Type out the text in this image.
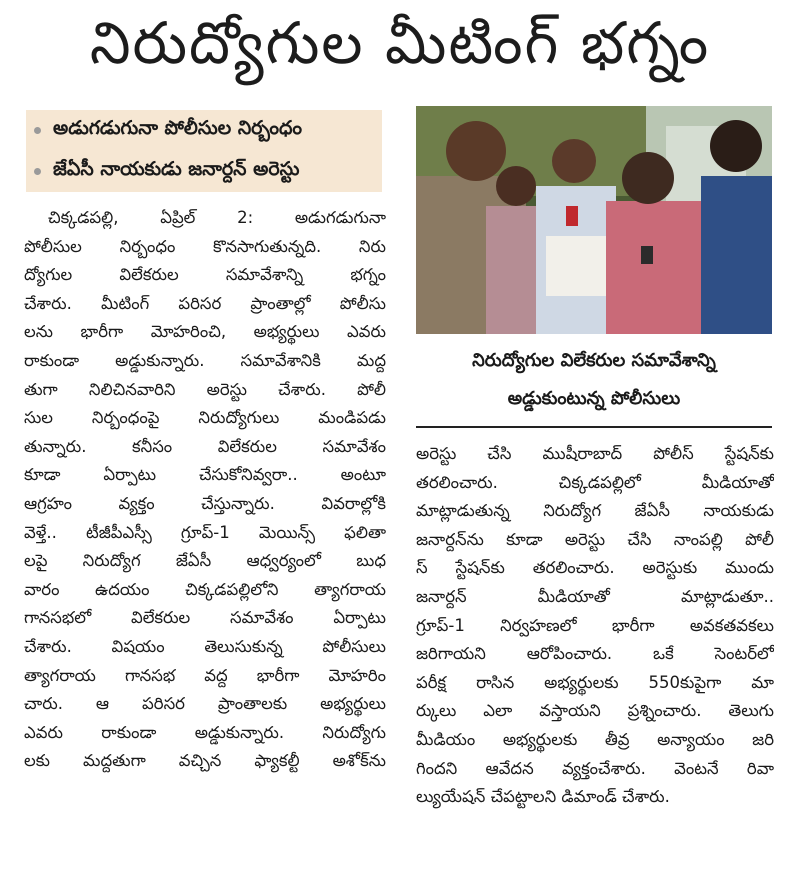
నిరుద్యోగుల మీటింగ్ భగ్నం
అడుగడుగునా పోలీసుల నిర్బంధం
జేఏసీ నాయకుడు జనార్దన్ అరెస్టు
నిరుద్యోగుల విలేకరుల సమావేశాన్ని
అడ్డుకుంటున్న పోలీసులు
చిక్కడపల్లి, ఏప్రిల్ 2: అడుగడుగునా
పోలీసుల నిర్బంధం కొనసాగుతున్నది. నిరు
ద్యోగుల విలేకరుల సమావేశాన్ని భగ్నం
చేశారు. మీటింగ్ పరిసర ప్రాంతాల్లో పోలీసు
లను భారీగా మోహరించి, అభ్యర్థులు ఎవరు
రాకుండా అడ్డుకున్నారు. సమావేశానికి మద్ద
తుగా నిలిచినవారిని అరెస్టు చేశారు. పోలీ
సుల నిర్బంధంపై నిరుద్యోగులు మండిపడు
తున్నారు. కనీసం విలేకరుల సమావేశం
కూడా ఏర్పాటు చేసుకోనివ్వరా.. అంటూ
ఆగ్రహం వ్యక్తం చేస్తున్నారు. వివరాల్లోకి
వెళ్తే.. టీజీపీఎస్సీ గ్రూప్-1 మెయిన్స్ ఫలితా
లపై నిరుద్యోగ జేఏసీ ఆధ్వర్యంలో బుధ
వారం ఉదయం చిక్కడపల్లిలోని త్యాగరాయ
గానసభలో విలేకరుల సమావేశం ఏర్పాటు
చేశారు. విషయం తెలుసుకున్న పోలీసులు
త్యాగరాయ గానసభ వద్ద భారీగా మోహరిం
చారు. ఆ పరిసర ప్రాంతాలకు అభ్యర్థులు
ఎవరు రాకుండా అడ్డుకున్నారు. నిరుద్యోగు
లకు మద్దతుగా వచ్చిన ఫ్యాకల్టీ అశోక్‌ను
అరెస్టు చేసి ముషీరాబాద్ పోలీస్ స్టేషన్‌కు
తరలించారు. చిక్కడపల్లిలో మీడియాతో
మాట్లాడుతున్న నిరుద్యోగ జేఏసీ నాయకుడు
జనార్దన్‌ను కూడా అరెస్టు చేసి నాంపల్లి పోలీ
స్ స్టేషన్‌కు తరలించారు. అరెస్టుకు ముందు
జనార్దన్ మీడియాతో మాట్లాడుతూ..
గ్రూప్-1 నిర్వహణలో భారీగా అవకతవకలు
జరిగాయని ఆరోపించారు. ఒకే సెంటర్‌లో
పరీక్ష రాసిన అభ్యర్థులకు 550కుపైగా మా
ర్కులు ఎలా వస్తాయని ప్రశ్నించారు. తెలుగు
మీడియం అభ్యర్థులకు తీవ్ర అన్యాయం జరి
గిందని ఆవేదన వ్యక్తంచేశారు. వెంటనే రివా
ల్యుయేషన్ చేపట్టాలని డిమాండ్ చేశారు.
